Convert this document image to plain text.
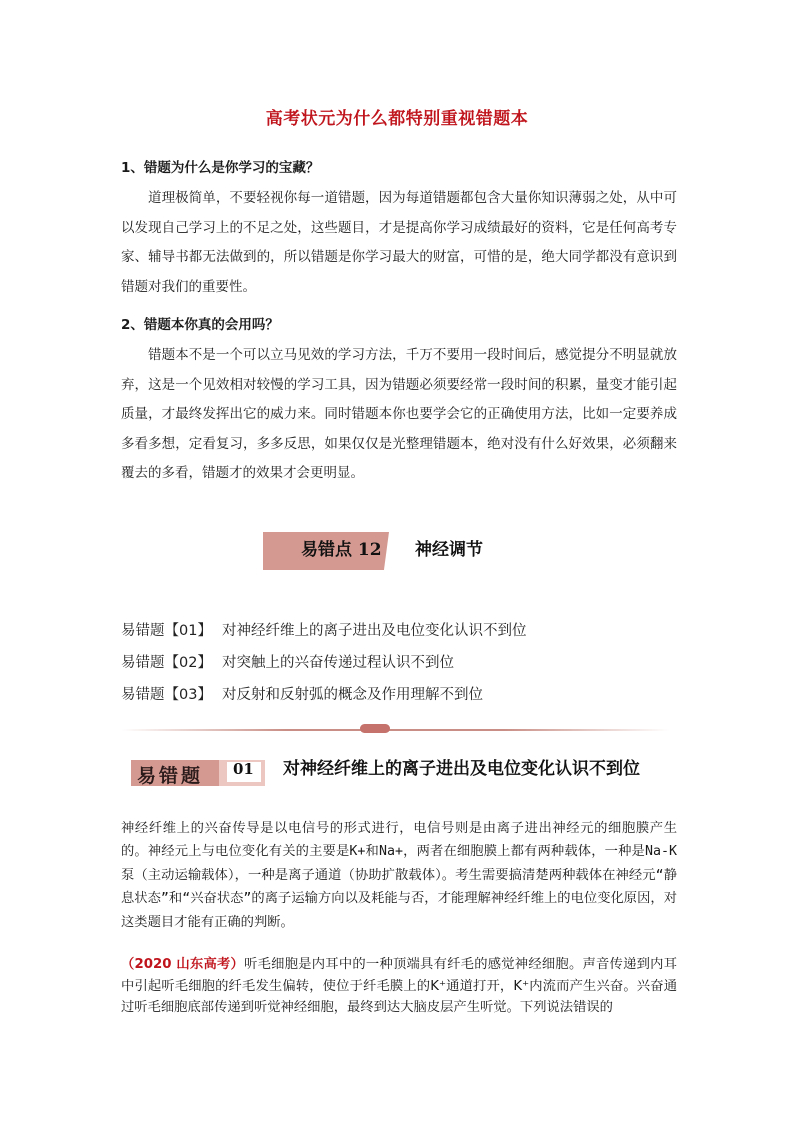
高考状元为什么都特别重视错题本
1、错题为什么是你学习的宝藏？

道理极简单，不要轻视你每一道错题，因为每道错题都包含大量你知识薄弱之处，从中可以发现自己学习上的不足之处，这些题目，才是提高你学习成绩最好的资料，它是任何高考专家、辅导书都无法做到的，所以错题是你学习最大的财富，可惜的是，绝大同学都没有意识到错题对我们的重要性。

2、错题本你真的会用吗？

错题本不是一个可以立马见效的学习方法，千万不要用一段时间后，感觉提分不明显就放弃，这是一个见效相对较慢的学习工具，因为错题必须要经常一段时间的积累，量变才能引起质量，才最终发挥出它的威力来。同时错题本你也要学会它的正确使用方法，比如一定要养成多看多想，定看复习，多多反思，如果仅仅是光整理错题本，绝对没有什么好效果，必须翻来覆去的多看，错题才的效果才会更明显。

易错点 12 神经调节
易错题【01】 对神经纤维上的离子进出及电位变化认识不到位
易错题【02】 对突触上的兴奋传递过程认识不到位
易错题【03】 对反射和反射弧的概念及作用理解不到位
易错题 01	对神经纤维上的离子进出及电位变化认识不到位

神经纤维上的兴奋传导是以电信号的形式进行，电信号则是由离子进出神经元的细胞膜产生的。神经元上与电位变化有关的主要是K+和Na+，两者在细胞膜上都有两种载体，一种是Na-K泵（主动运输载体），一种是离子通道（协助扩散载体）。考生需要搞清楚两种载体在神经元“静息状态”和“兴奋状态”的离子运输方向以及耗能与否，才能理解神经纤维上的电位变化原因，对这类题目才能有正确的判断。

（2020 山东高考）听毛细胞是内耳中的一种顶端具有纤毛的感觉神经细胞。声音传递到内耳中引起听毛细胞的纤毛发生偏转，使位于纤毛膜上的K⁺通道打开，K⁺内流而产生兴奋。兴奋通过听毛细胞底部传递到听觉神经细胞，最终到达大脑皮层产生听觉。下列说法错误的
